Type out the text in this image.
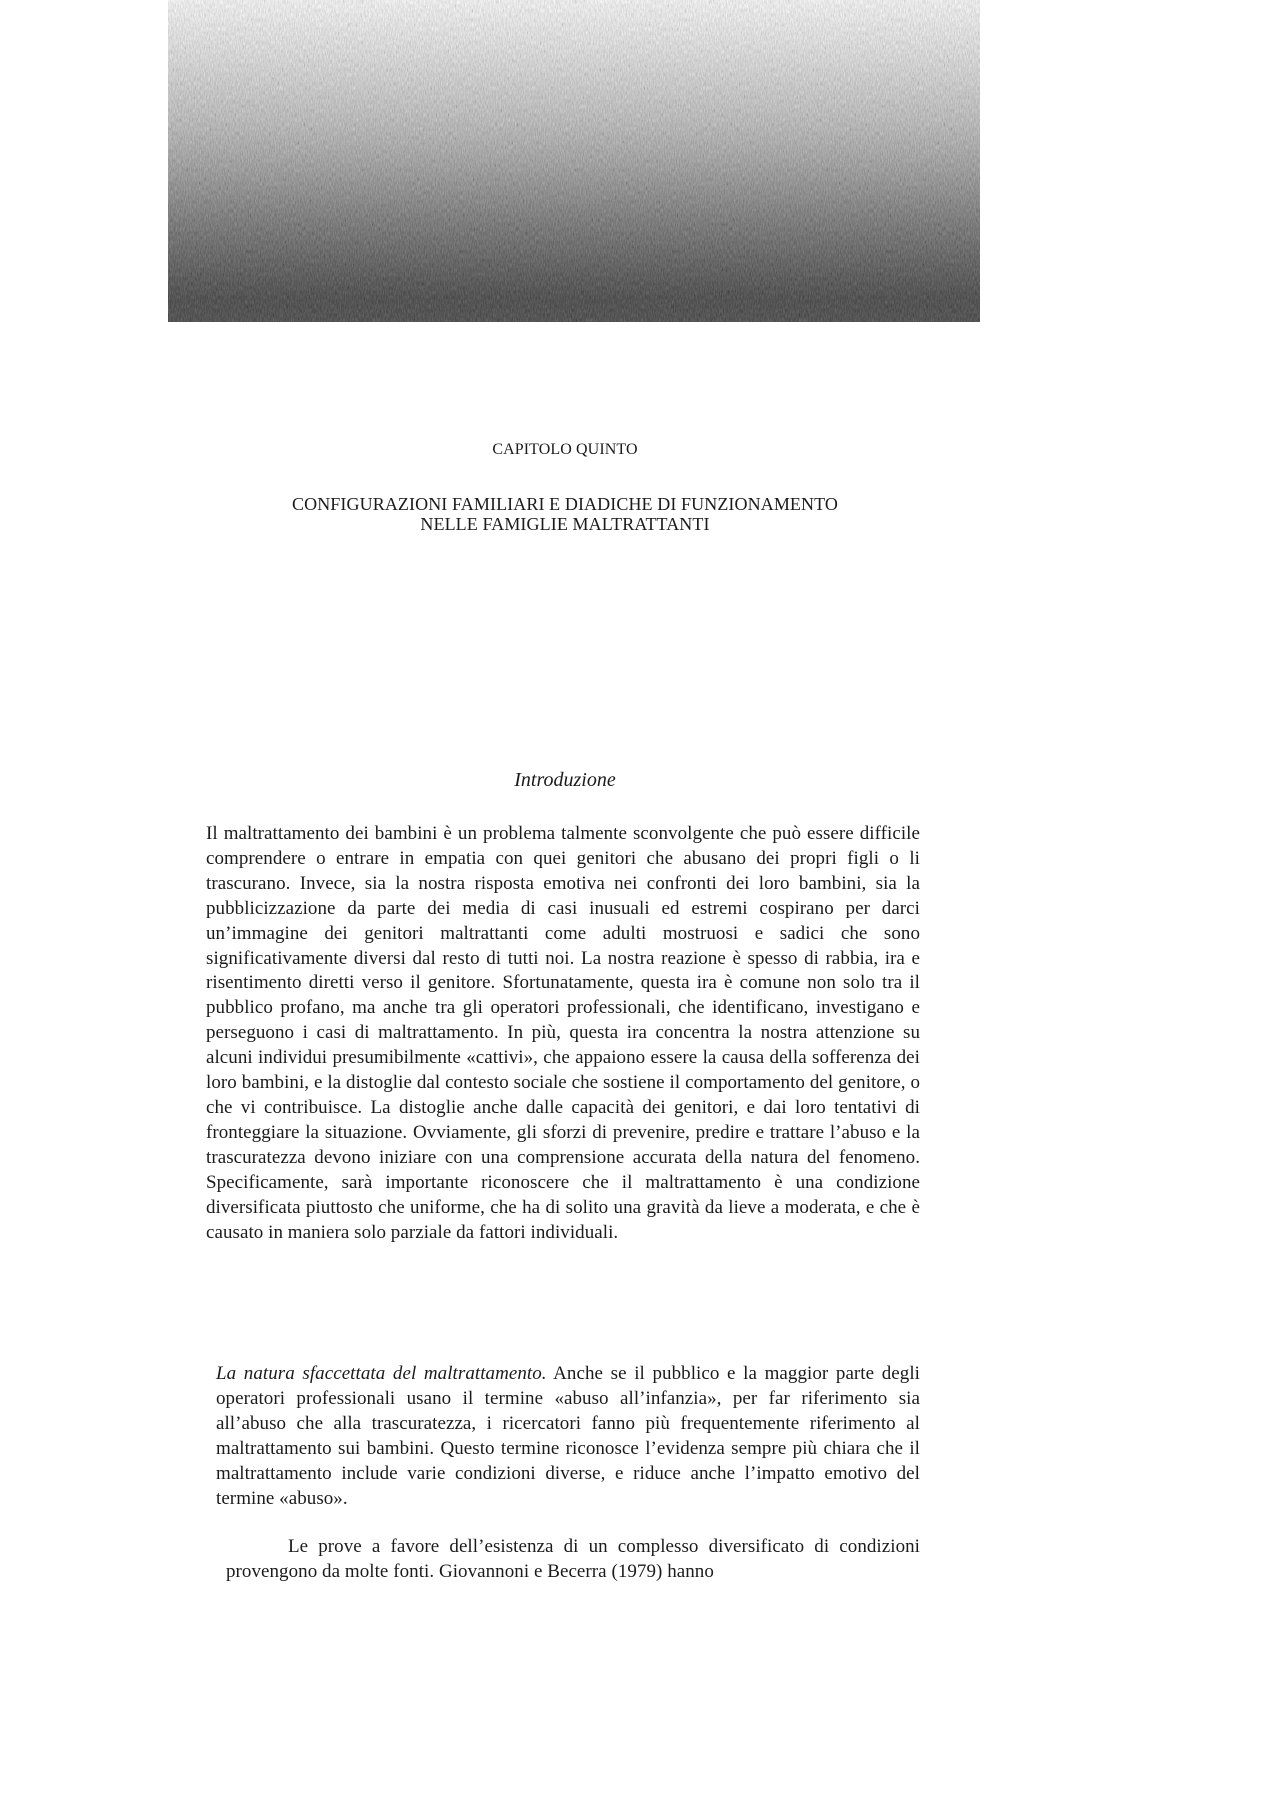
CAPITOLO QUINTO
CONFIGURAZIONI FAMILIARI E DIADICHE DI FUNZIONAMENTO
NELLE FAMIGLIE MALTRATTANTI
Introduzione

Il maltrattamento dei bambini è un problema talmente sconvolgente che può essere difficile comprendere o entrare in empatia con quei genitori che abusano dei propri figli o li trascurano. Invece, sia la nostra risposta emotiva nei confronti dei loro bambini, sia la pubblicizzazione da parte dei media di casi inusuali ed estremi cospirano per darci un’immagine dei genitori maltrattanti come adulti mostruosi e sadici che sono significativamente diversi dal resto di tutti noi. La nostra reazione è spesso di rabbia, ira e risentimento diretti verso il genitore. Sfortunatamente, questa ira è comune non solo tra il pubblico profano, ma anche tra gli operatori professionali, che identificano, investigano e perseguono i casi di maltrattamento. In più, questa ira concentra la nostra attenzione su alcuni individui presumibilmente «cattivi», che appaiono essere la causa della sofferenza dei loro bambini, e la distoglie dal contesto sociale che sostiene il comportamento del genitore, o che vi contribuisce. La distoglie anche dalle capacità dei genitori, e dai loro tentativi di fronteggiare la situazione. Ovviamente, gli sforzi di prevenire, predire e trattare l’abuso e la trascuratezza devono iniziare con una comprensione accurata della natura del fenomeno. Specificamente, sarà importante riconoscere che il maltrattamento è una condizione diversificata piuttosto che uniforme, che ha di solito una gravità da lieve a moderata, e che è causato in maniera solo parziale da fattori individuali.

La natura sfaccettata del maltrattamento. Anche se il pubblico e la maggior parte degli operatori professionali usano il termine «abuso all’infanzia», per far riferimento sia all’abuso che alla trascuratezza, i ricercatori fanno più frequentemente riferimento al maltrattamento sui bambini. Questo termine riconosce l’evidenza sempre più chiara che il maltrattamento include varie condizioni diverse, e riduce anche l’impatto emotivo del termine «abuso».

Le prove a favore dell’esistenza di un complesso diversificato di condizioni provengono da molte fonti. Giovannoni e Becerra (1979) hanno
